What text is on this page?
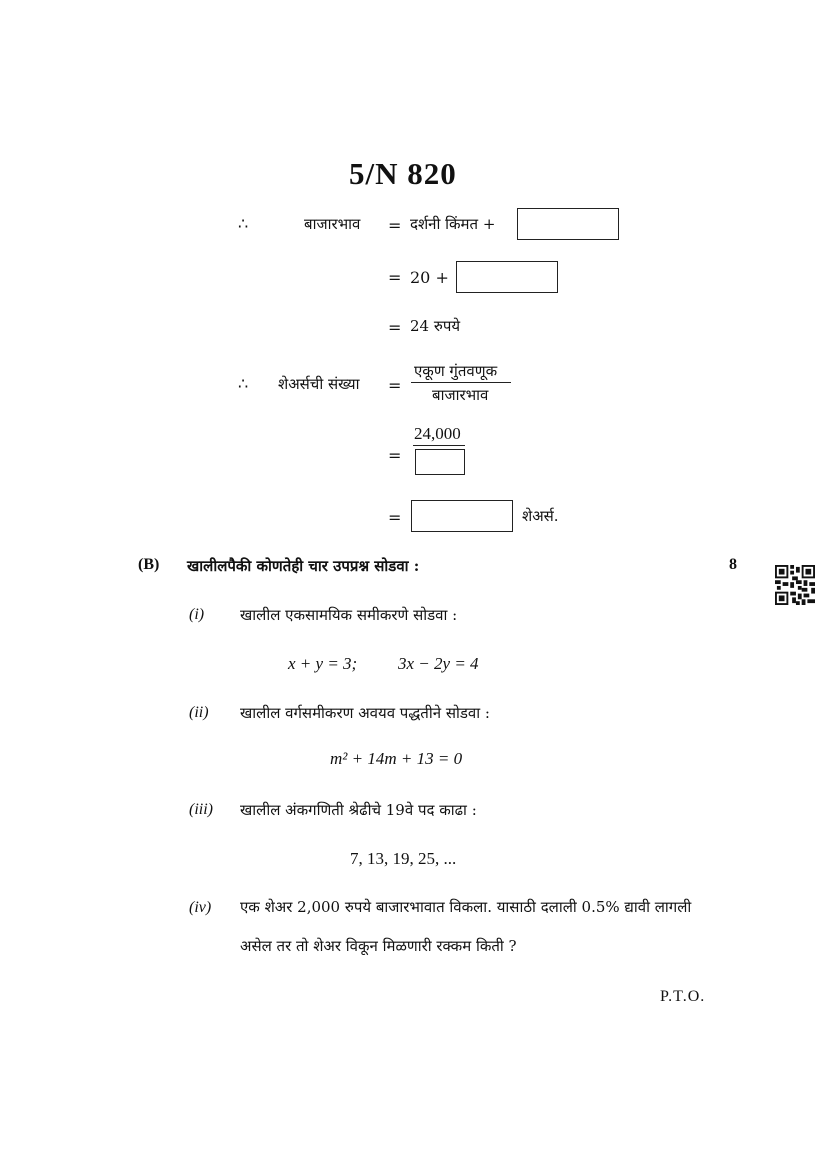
5/N 820
∴	बाजारभाव = दर्शनी किंमत +
= 20 +
= 24 रुपये
∴ शेअर्सची संख्या =
एकूण गुंतवणूक
बाजारभाव
=
24,000
=	शेअर्स.
(B) खालीलपैकी कोणतेही चार उपप्रश्न सोडवा :	8
(i) खालील एकसामयिक समीकरणे सोडवा :
x + y = 3; 3x − 2y = 4
(ii) खालील वर्गसमीकरण अवयव पद्धतीने सोडवा :
m² + 14m + 13 = 0
(iii) खालील अंकगणिती श्रेढीचे 19वे पद काढा :
7, 13, 19, 25, ...
(iv) एक शेअर 2,000 रुपये बाजारभावात विकला. यासाठी दलाली 0.5% द्यावी लागली
असेल तर तो शेअर विकून मिळणारी रक्कम किती ?
P.T.O.
